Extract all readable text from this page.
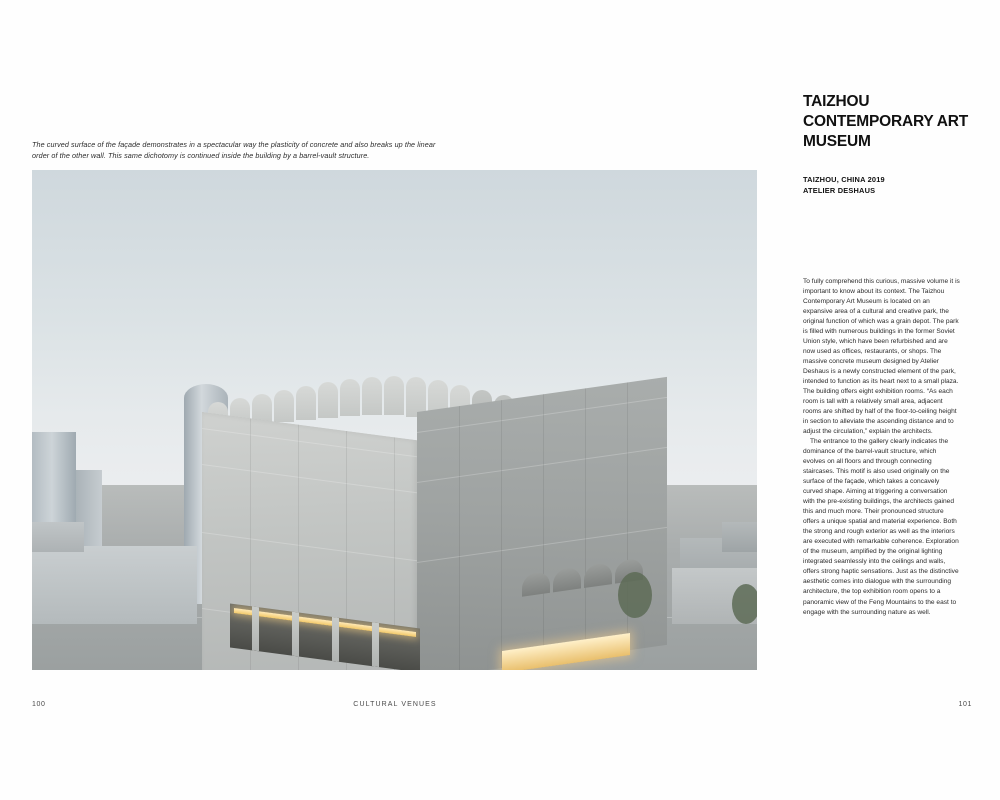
The curved surface of the façade demonstrates in a spectacular way the plasticity of concrete and also breaks up the linear order of the other wall. This same dichotomy is continued inside the building by a barrel-vault structure.
100	CULTURAL VENUES	101
TAIZHOU CONTEMPORARY ART MUSEUM
TAIZHOU, CHINA 2019
ATELIER DESHAUS

To fully comprehend this curious, massive volume it is important to know about its context. The Taizhou Contemporary Art Museum is located on an expansive area of a cultural and creative park, the original function of which was a grain depot. The park is filled with numerous buildings in the former Soviet Union style, which have been refurbished and are now used as offices, restaurants, or shops. The massive concrete museum designed by Atelier Deshaus is a newly constructed element of the park, intended to function as its heart next to a small plaza. The building offers eight exhibition rooms. “As each room is tall with a relatively small area, adjacent rooms are shifted by half of the floor-to-ceiling height in section to alleviate the ascending distance and to adjust the circulation,” explain the architects.

The entrance to the gallery clearly indicates the dominance of the barrel-vault structure, which evolves on all floors and through connecting staircases. This motif is also used originally on the surface of the façade, which takes a concavely curved shape. Aiming at triggering a conversation with the pre-existing buildings, the architects gained this and much more. Their pronounced structure offers a unique spatial and material experience. Both the strong and rough exterior as well as the interiors are executed with remarkable coherence. Exploration of the museum, amplified by the original lighting integrated seamlessly into the ceilings and walls, offers strong haptic sensations. Just as the distinctive aesthetic comes into dialogue with the surrounding architecture, the top exhibition room opens to a panoramic view of the Feng Mountains to the east to engage with the surrounding nature as well.
